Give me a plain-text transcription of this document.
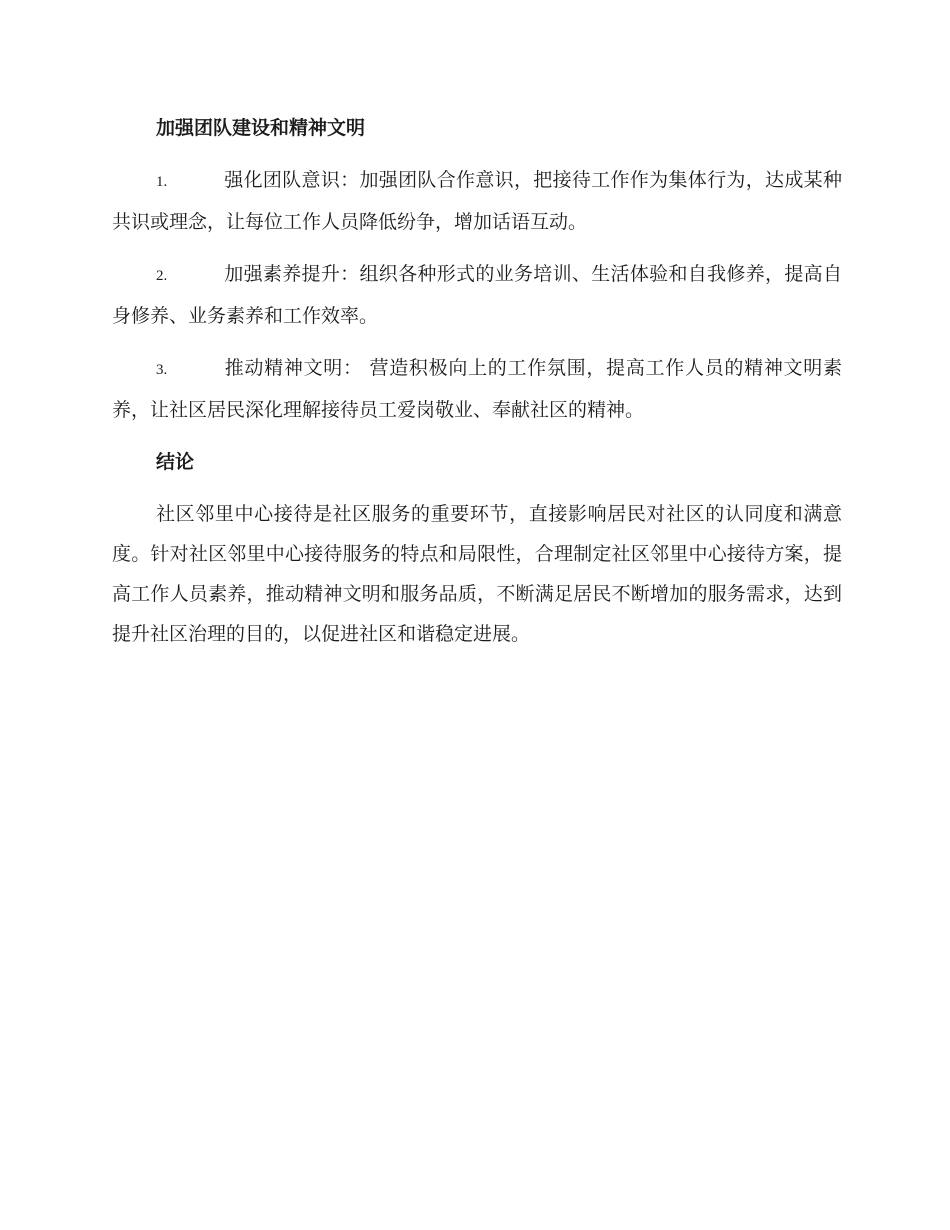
加强团队建设和精神文明
1.	强化团队意识：加强团队合作意识，把接待工作作为集体行为，达成某种共识或理念，让每位工作人员降低纷争，增加话语互动。
2.	加强素养提升：组织各种形式的业务培训、生活体验和自我修养，提高自身修养、业务素养和工作效率。
3.	推动精神文明： 营造积极向上的工作氛围，提高工作人员的精神文明素养，让社区居民深化理解接待员工爱岗敬业、奉献社区的精神。
结论

社区邻里中心接待是社区服务的重要环节，直接影响居民对社区的认同度和满意度。针对社区邻里中心接待服务的特点和局限性，合理制定社区邻里中心接待方案，提高工作人员素养，推动精神文明和服务品质，不断满足居民不断增加的服务需求，达到提升社区治理的目的，以促进社区和谐稳定进展。
